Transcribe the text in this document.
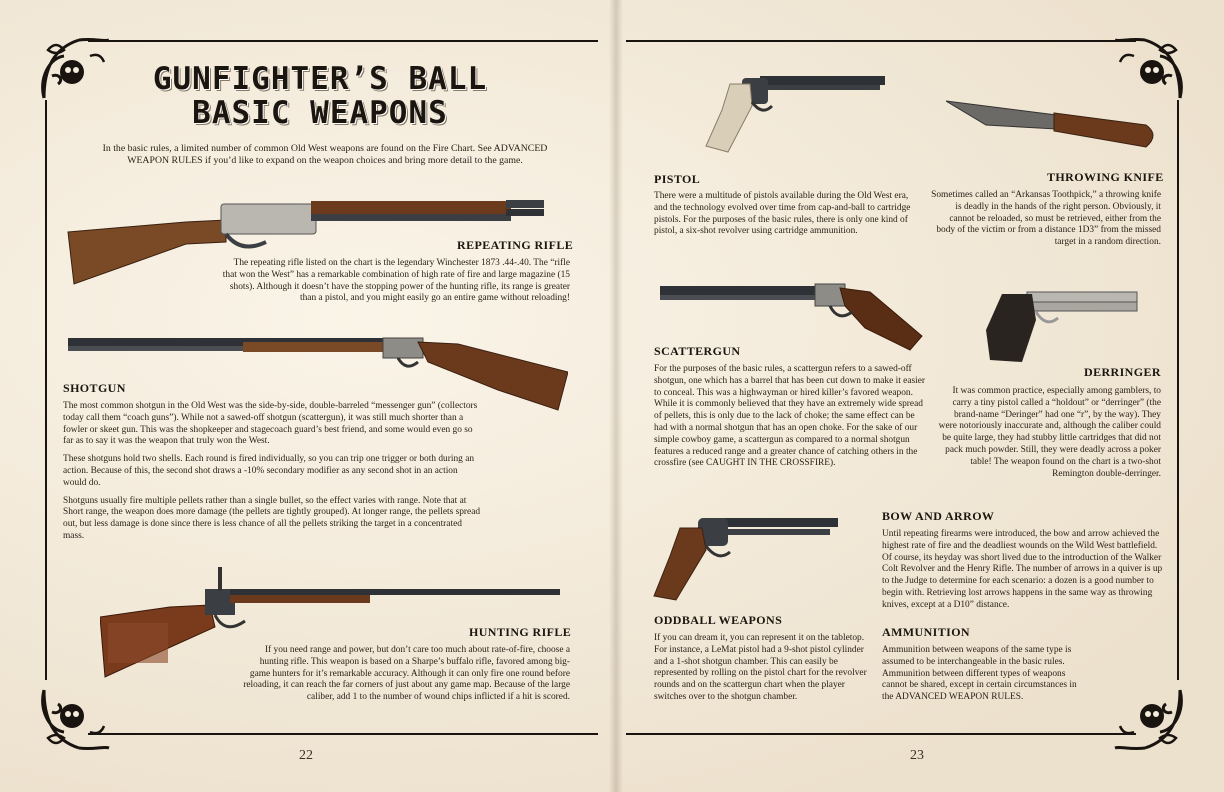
GUNFIGHTER’S BALL
BASIC WEAPONS
In the basic rules, a limited number of common Old West weapons are found on the Fire Chart. See ADVANCED WEAPON RULES if you’d like to expand on the weapon choices and bring more detail to the game.
REPEATING RIFLE
The repeating rifle listed on the chart is the legendary Winchester 1873 .44-.40. The “rifle that won the West” has a remarkable combination of high rate of fire and large magazine (15 shots). Although it doesn’t have the stopping power of the hunting rifle, its range is greater than a pistol, and you might easily go an entire game without reloading!
SHOTGUN
The most common shotgun in the Old West was the side-by-side, double-barreled “messenger gun” (collectors today call them “coach guns”). While not a sawed-off shotgun (scattergun), it was still much shorter than a fowler or skeet gun. This was the shopkeeper and stagecoach guard’s best friend, and some would even go so far as to say it was the weapon that truly won the West.
These shotguns hold two shells. Each round is fired individually, so you can trip one trigger or both during an action. Because of this, the second shot draws a -10% secondary modifier as any second shot in an action would do.
Shotguns usually fire multiple pellets rather than a single bullet, so the effect varies with range. Note that at Short range, the weapon does more damage (the pellets are tightly grouped). At longer range, the pellets spread out, but less damage is done since there is less chance of all the pellets striking the target in a concentrated mass.
HUNTING RIFLE
If you need range and power, but don’t care too much about rate-of-fire, choose a hunting rifle. This weapon is based on a Sharpe’s buffalo rifle, favored among big-game hunters for it’s remarkable accuracy. Although it can only fire one round before reloading, it can reach the far corners of just about any game map. Because of the large caliber, add 1 to the number of wound chips inflicted if a hit is scored.
22
PISTOL
There were a multitude of pistols available during the Old West era, and the technology evolved over time from cap-and-ball to cartridge pistols. For the purposes of the basic rules, there is only one kind of pistol, a six-shot revolver using cartridge ammunition.
THROWING KNIFE
Sometimes called an “Arkansas Toothpick,” a throwing knife is deadly in the hands of the right person. Obviously, it cannot be reloaded, so must be retrieved, either from the body of the victim or from a distance 1D3” from the missed target in a random direction.
SCATTERGUN
For the purposes of the basic rules, a scattergun refers to a sawed-off shotgun, one which has a barrel that has been cut down to make it easier to conceal. This was a highwayman or hired killer’s favored weapon. While it is commonly believed that they have an extremely wide spread of pellets, this is only due to the lack of choke; the same effect can be had with a normal shotgun that has an open choke. For the sake of our simple cowboy game, a scattergun as compared to a normal shotgun features a reduced range and a greater chance of catching others in the crossfire (see CAUGHT IN THE CROSSFIRE).
DERRINGER
It was common practice, especially among gamblers, to carry a tiny pistol called a “holdout” or “derringer” (the brand-name “Deringer” had one “r”, by the way). They were notoriously inaccurate and, although the caliber could be quite large, they had stubby little cartridges that did not pack much powder. Still, they were deadly across a poker table! The weapon found on the chart is a two-shot Remington double-derringer.
ODDBALL WEAPONS
If you can dream it, you can represent it on the tabletop. For instance, a LeMat pistol had a 9-shot pistol cylinder and a 1-shot shotgun chamber. This can easily be represented by rolling on the pistol chart for the revolver rounds and on the scattergun chart when the player switches over to the shotgun chamber.
BOW AND ARROW
Until repeating firearms were introduced, the bow and arrow achieved the highest rate of fire and the deadliest wounds on the Wild West battlefield. Of course, its heyday was short lived due to the introduction of the Walker Colt Revolver and the Henry Rifle. The number of arrows in a quiver is up to the Judge to determine for each scenario: a dozen is a good number to begin with. Retrieving lost arrows happens in the same way as throwing knives, except at a D10” distance.
AMMUNITION
Ammunition between weapons of the same type is assumed to be interchangeable in the basic rules. Ammunition between different types of weapons cannot be shared, except in certain circumstances in the ADVANCED WEAPON RULES.
23
